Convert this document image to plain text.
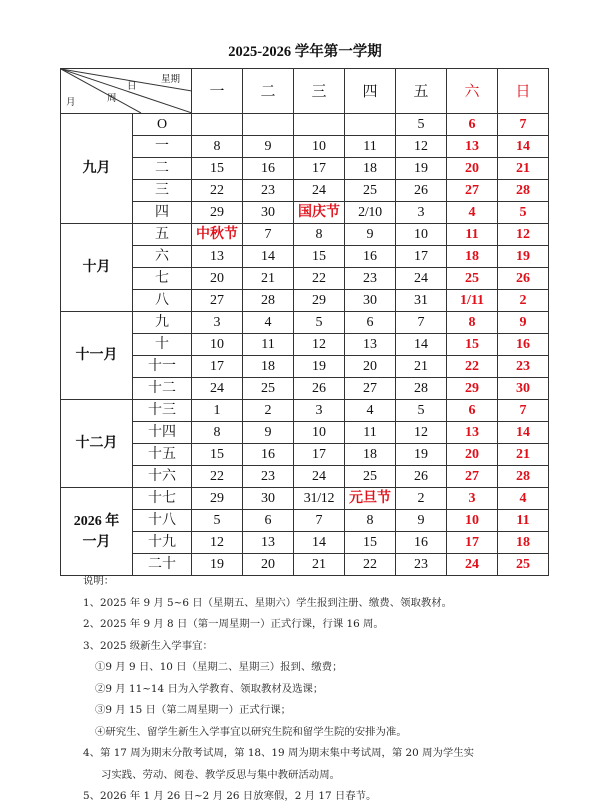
2025-2026 学年第一学期
星期
日
周
月		一	二	三	四	五	六	日
九月	O					5	6	7
	一	8	9	10	11	12	13	14
	二	15	16	17	18	19	20	21
	三	22	23	24	25	26	27	28
	四	29	30	国庆节	2/10	3	4	5
十月	五	中秋节	7	8	9	10	11	12
	六	13	14	15	16	17	18	19
	七	20	21	22	23	24	25	26
	八	27	28	29	30	31	1/11	2
十一月	九	3	4	5	6	7	8	9
	十	10	11	12	13	14	15	16
	十一	17	18	19	20	21	22	23
	十二	24	25	26	27	28	29	30
十二月	十三	1	2	3	4	5	6	7
	十四	8	9	10	11	12	13	14
	十五	15	16	17	18	19	20	21
	十六	22	23	24	25	26	27	28
2026 年 一月	十七	29	30	31/12	元旦节	2	3	4
	十八	5	6	7	8	9	10	11
	十九	12	13	14	15	16	17	18
	二十	19	20	21	22	23	24	25
说明：
1、2025 年 9 月 5~6 日（星期五、星期六）学生报到注册、缴费、领取教材。
2、2025 年 9 月 8 日（第一周星期一）正式行课，行课 16 周。
3、2025 级新生入学事宜：
①9 月 9 日、10 日（星期二、星期三）报到、缴费；
②9 月 11~14 日为入学教育、领取教材及选课；
③9 月 15 日（第二周星期一）正式行课；
④研究生、留学生新生入学事宜以研究生院和留学生院的安排为准。
4、第 17 周为期末分散考试周，第 18、19 周为期末集中考试周，第 20 周为学生实
习实践、劳动、阅卷、教学反思与集中教研活动周。
5、2026 年 1 月 26 日~2 月 26 日放寒假，2 月 17 日春节。
